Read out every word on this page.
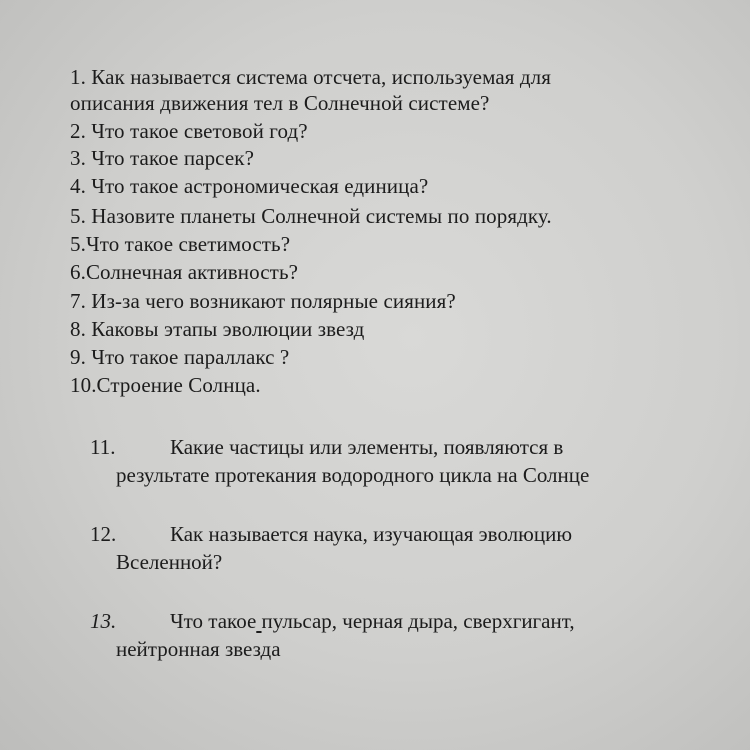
1. Как называется система отсчета, используемая для
описания движения тел в Солнечной системе?
2. Что такое световой год?
3. Что такое парсек?
4. Что такое астрономическая единица?
5. Назовите планеты Солнечной системы по порядку.
5.Что такое светимость?
6.Солнечная активность?
7. Из-за чего возникают полярные сияния?
8. Каковы этапы эволюции звезд
9. Что такое параллакс ?
10.Строение Солнца.
11.	Какие частицы или элементы, появляются в
результате протекания водородного цикла на Солнце
12.	Как называется наука, изучающая эволюцию
Вселенной?
13.	Что такое пульсар, черная дыра, сверхгигант,
нейтронная звезда
